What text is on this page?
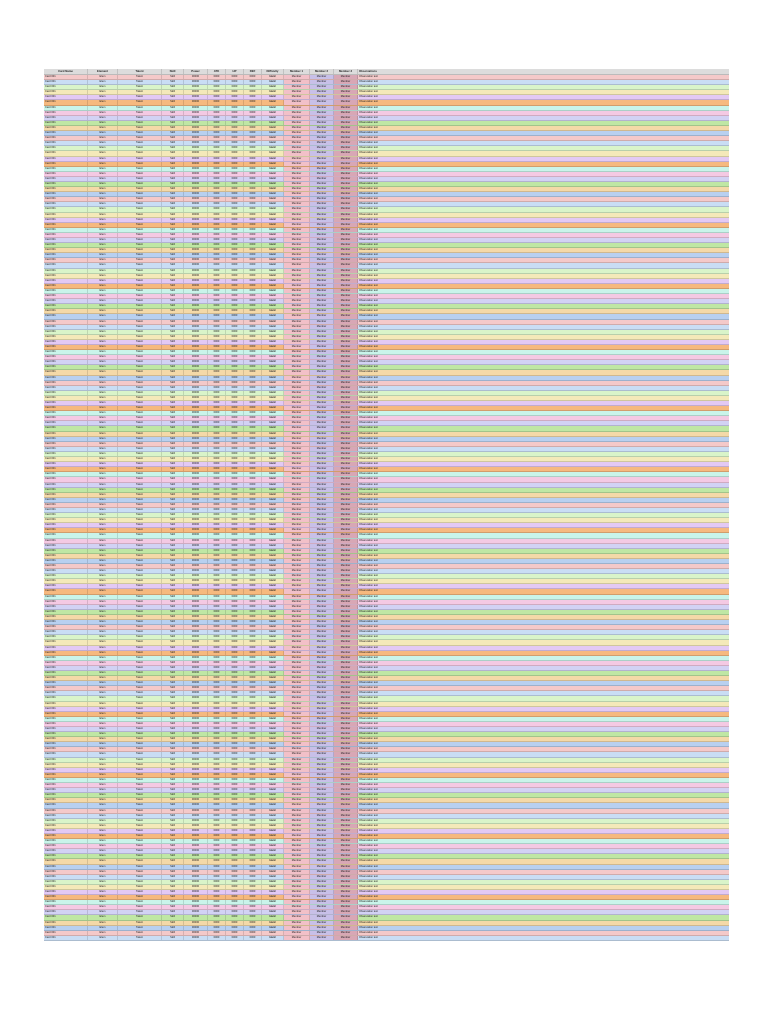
Card Name	Element	Talent	Skill	Power	ATK	HP	DEF	Difficulty	Member 1	Member 2	Member 3	Observations
Card 001	Elem	Talent	Skill	00000	0000	0000	0000	Hard	Member	Member	Member	Observation text
Card 001	Elem	Talent	Skill	00000	0000	0000	0000	Hard	Member	Member	Member	Observation text
Card 001	Elem	Talent	Skill	00000	0000	0000	0000	Hard	Member	Member	Member	Observation text
Card 001	Elem	Talent	Skill	00000	0000	0000	0000	Hard	Member	Member	Member	Observation text
Card 001	Elem	Talent	Skill	00000	0000	0000	0000	Hard	Member	Member	Member	Observation text
Card 001	Elem	Talent	Skill	00000	0000	0000	0000	Hard	Member	Member	Member	Observation text
Card 001	Elem	Talent	Skill	00000	0000	0000	0000	Hard	Member	Member	Member	Observation text
Card 001	Elem	Talent	Skill	00000	0000	0000	0000	Hard	Member	Member	Member	Observation text
Card 001	Elem	Talent	Skill	00000	0000	0000	0000	Hard	Member	Member	Member	Observation text
Card 001	Elem	Talent	Skill	00000	0000	0000	0000	Hard	Member	Member	Member	Observation text
Card 001	Elem	Talent	Skill	00000	0000	0000	0000	Hard	Member	Member	Member	Observation text
Card 001	Elem	Talent	Skill	00000	0000	0000	0000	Hard	Member	Member	Member	Observation text
Card 001	Elem	Talent	Skill	00000	0000	0000	0000	Hard	Member	Member	Member	Observation text
Card 001	Elem	Talent	Skill	00000	0000	0000	0000	Hard	Member	Member	Member	Observation text
Card 001	Elem	Talent	Skill	00000	0000	0000	0000	Hard	Member	Member	Member	Observation text
Card 001	Elem	Talent	Skill	00000	0000	0000	0000	Hard	Member	Member	Member	Observation text
Card 001	Elem	Talent	Skill	00000	0000	0000	0000	Hard	Member	Member	Member	Observation text
Card 001	Elem	Talent	Skill	00000	0000	0000	0000	Hard	Member	Member	Member	Observation text
Card 001	Elem	Talent	Skill	00000	0000	0000	0000	Hard	Member	Member	Member	Observation text
Card 001	Elem	Talent	Skill	00000	0000	0000	0000	Hard	Member	Member	Member	Observation text
Card 001	Elem	Talent	Skill	00000	0000	0000	0000	Hard	Member	Member	Member	Observation text
Card 001	Elem	Talent	Skill	00000	0000	0000	0000	Hard	Member	Member	Member	Observation text
Card 001	Elem	Talent	Skill	00000	0000	0000	0000	Hard	Member	Member	Member	Observation text
Card 001	Elem	Talent	Skill	00000	0000	0000	0000	Hard	Member	Member	Member	Observation text
Card 001	Elem	Talent	Skill	00000	0000	0000	0000	Hard	Member	Member	Member	Observation text
Card 001	Elem	Talent	Skill	00000	0000	0000	0000	Hard	Member	Member	Member	Observation text
Card 001	Elem	Talent	Skill	00000	0000	0000	0000	Hard	Member	Member	Member	Observation text
Card 001	Elem	Talent	Skill	00000	0000	0000	0000	Hard	Member	Member	Member	Observation text
Card 001	Elem	Talent	Skill	00000	0000	0000	0000	Hard	Member	Member	Member	Observation text
Card 001	Elem	Talent	Skill	00000	0000	0000	0000	Hard	Member	Member	Member	Observation text
Card 001	Elem	Talent	Skill	00000	0000	0000	0000	Hard	Member	Member	Member	Observation text
Card 001	Elem	Talent	Skill	00000	0000	0000	0000	Hard	Member	Member	Member	Observation text
Card 001	Elem	Talent	Skill	00000	0000	0000	0000	Hard	Member	Member	Member	Observation text
Card 001	Elem	Talent	Skill	00000	0000	0000	0000	Hard	Member	Member	Member	Observation text
Card 001	Elem	Talent	Skill	00000	0000	0000	0000	Hard	Member	Member	Member	Observation text
Card 001	Elem	Talent	Skill	00000	0000	0000	0000	Hard	Member	Member	Member	Observation text
Card 001	Elem	Talent	Skill	00000	0000	0000	0000	Hard	Member	Member	Member	Observation text
Card 001	Elem	Talent	Skill	00000	0000	0000	0000	Hard	Member	Member	Member	Observation text
Card 001	Elem	Talent	Skill	00000	0000	0000	0000	Hard	Member	Member	Member	Observation text
Card 001	Elem	Talent	Skill	00000	0000	0000	0000	Hard	Member	Member	Member	Observation text
Card 001	Elem	Talent	Skill	00000	0000	0000	0000	Hard	Member	Member	Member	Observation text
Card 001	Elem	Talent	Skill	00000	0000	0000	0000	Hard	Member	Member	Member	Observation text
Card 001	Elem	Talent	Skill	00000	0000	0000	0000	Hard	Member	Member	Member	Observation text
Card 001	Elem	Talent	Skill	00000	0000	0000	0000	Hard	Member	Member	Member	Observation text
Card 001	Elem	Talent	Skill	00000	0000	0000	0000	Hard	Member	Member	Member	Observation text
Card 001	Elem	Talent	Skill	00000	0000	0000	0000	Hard	Member	Member	Member	Observation text
Card 001	Elem	Talent	Skill	00000	0000	0000	0000	Hard	Member	Member	Member	Observation text
Card 001	Elem	Talent	Skill	00000	0000	0000	0000	Hard	Member	Member	Member	Observation text
Card 001	Elem	Talent	Skill	00000	0000	0000	0000	Hard	Member	Member	Member	Observation text
Card 001	Elem	Talent	Skill	00000	0000	0000	0000	Hard	Member	Member	Member	Observation text
Card 001	Elem	Talent	Skill	00000	0000	0000	0000	Hard	Member	Member	Member	Observation text
Card 001	Elem	Talent	Skill	00000	0000	0000	0000	Hard	Member	Member	Member	Observation text
Card 001	Elem	Talent	Skill	00000	0000	0000	0000	Hard	Member	Member	Member	Observation text
Card 001	Elem	Talent	Skill	00000	0000	0000	0000	Hard	Member	Member	Member	Observation text
Card 001	Elem	Talent	Skill	00000	0000	0000	0000	Hard	Member	Member	Member	Observation text
Card 001	Elem	Talent	Skill	00000	0000	0000	0000	Hard	Member	Member	Member	Observation text
Card 001	Elem	Talent	Skill	00000	0000	0000	0000	Hard	Member	Member	Member	Observation text
Card 001	Elem	Talent	Skill	00000	0000	0000	0000	Hard	Member	Member	Member	Observation text
Card 001	Elem	Talent	Skill	00000	0000	0000	0000	Hard	Member	Member	Member	Observation text
Card 001	Elem	Talent	Skill	00000	0000	0000	0000	Hard	Member	Member	Member	Observation text
Card 001	Elem	Talent	Skill	00000	0000	0000	0000	Hard	Member	Member	Member	Observation text
Card 001	Elem	Talent	Skill	00000	0000	0000	0000	Hard	Member	Member	Member	Observation text
Card 001	Elem	Talent	Skill	00000	0000	0000	0000	Hard	Member	Member	Member	Observation text
Card 001	Elem	Talent	Skill	00000	0000	0000	0000	Hard	Member	Member	Member	Observation text
Card 001	Elem	Talent	Skill	00000	0000	0000	0000	Hard	Member	Member	Member	Observation text
Card 001	Elem	Talent	Skill	00000	0000	0000	0000	Hard	Member	Member	Member	Observation text
Card 001	Elem	Talent	Skill	00000	0000	0000	0000	Hard	Member	Member	Member	Observation text
Card 001	Elem	Talent	Skill	00000	0000	0000	0000	Hard	Member	Member	Member	Observation text
Card 001	Elem	Talent	Skill	00000	0000	0000	0000	Hard	Member	Member	Member	Observation text
Card 001	Elem	Talent	Skill	00000	0000	0000	0000	Hard	Member	Member	Member	Observation text
Card 001	Elem	Talent	Skill	00000	0000	0000	0000	Hard	Member	Member	Member	Observation text
Card 001	Elem	Talent	Skill	00000	0000	0000	0000	Hard	Member	Member	Member	Observation text
Card 001	Elem	Talent	Skill	00000	0000	0000	0000	Hard	Member	Member	Member	Observation text
Card 001	Elem	Talent	Skill	00000	0000	0000	0000	Hard	Member	Member	Member	Observation text
Card 001	Elem	Talent	Skill	00000	0000	0000	0000	Hard	Member	Member	Member	Observation text
Card 001	Elem	Talent	Skill	00000	0000	0000	0000	Hard	Member	Member	Member	Observation text
Card 001	Elem	Talent	Skill	00000	0000	0000	0000	Hard	Member	Member	Member	Observation text
Card 001	Elem	Talent	Skill	00000	0000	0000	0000	Hard	Member	Member	Member	Observation text
Card 001	Elem	Talent	Skill	00000	0000	0000	0000	Hard	Member	Member	Member	Observation text
Card 001	Elem	Talent	Skill	00000	0000	0000	0000	Hard	Member	Member	Member	Observation text
Card 001	Elem	Talent	Skill	00000	0000	0000	0000	Hard	Member	Member	Member	Observation text
Card 001	Elem	Talent	Skill	00000	0000	0000	0000	Hard	Member	Member	Member	Observation text
Card 001	Elem	Talent	Skill	00000	0000	0000	0000	Hard	Member	Member	Member	Observation text
Card 001	Elem	Talent	Skill	00000	0000	0000	0000	Hard	Member	Member	Member	Observation text
Card 001	Elem	Talent	Skill	00000	0000	0000	0000	Hard	Member	Member	Member	Observation text
Card 001	Elem	Talent	Skill	00000	0000	0000	0000	Hard	Member	Member	Member	Observation text
Card 001	Elem	Talent	Skill	00000	0000	0000	0000	Hard	Member	Member	Member	Observation text
Card 001	Elem	Talent	Skill	00000	0000	0000	0000	Hard	Member	Member	Member	Observation text
Card 001	Elem	Talent	Skill	00000	0000	0000	0000	Hard	Member	Member	Member	Observation text
Card 001	Elem	Talent	Skill	00000	0000	0000	0000	Hard	Member	Member	Member	Observation text
Card 001	Elem	Talent	Skill	00000	0000	0000	0000	Hard	Member	Member	Member	Observation text
Card 001	Elem	Talent	Skill	00000	0000	0000	0000	Hard	Member	Member	Member	Observation text
Card 001	Elem	Talent	Skill	00000	0000	0000	0000	Hard	Member	Member	Member	Observation text
Card 001	Elem	Talent	Skill	00000	0000	0000	0000	Hard	Member	Member	Member	Observation text
Card 001	Elem	Talent	Skill	00000	0000	0000	0000	Hard	Member	Member	Member	Observation text
Card 001	Elem	Talent	Skill	00000	0000	0000	0000	Hard	Member	Member	Member	Observation text
Card 001	Elem	Talent	Skill	00000	0000	0000	0000	Hard	Member	Member	Member	Observation text
Card 001	Elem	Talent	Skill	00000	0000	0000	0000	Hard	Member	Member	Member	Observation text
Card 001	Elem	Talent	Skill	00000	0000	0000	0000	Hard	Member	Member	Member	Observation text
Card 001	Elem	Talent	Skill	00000	0000	0000	0000	Hard	Member	Member	Member	Observation text
Card 001	Elem	Talent	Skill	00000	0000	0000	0000	Hard	Member	Member	Member	Observation text
Card 001	Elem	Talent	Skill	00000	0000	0000	0000	Hard	Member	Member	Member	Observation text
Card 001	Elem	Talent	Skill	00000	0000	0000	0000	Hard	Member	Member	Member	Observation text
Card 001	Elem	Talent	Skill	00000	0000	0000	0000	Hard	Member	Member	Member	Observation text
Card 001	Elem	Talent	Skill	00000	0000	0000	0000	Hard	Member	Member	Member	Observation text
Card 001	Elem	Talent	Skill	00000	0000	0000	0000	Hard	Member	Member	Member	Observation text
Card 001	Elem	Talent	Skill	00000	0000	0000	0000	Hard	Member	Member	Member	Observation text
Card 001	Elem	Talent	Skill	00000	0000	0000	0000	Hard	Member	Member	Member	Observation text
Card 001	Elem	Talent	Skill	00000	0000	0000	0000	Hard	Member	Member	Member	Observation text
Card 001	Elem	Talent	Skill	00000	0000	0000	0000	Hard	Member	Member	Member	Observation text
Card 001	Elem	Talent	Skill	00000	0000	0000	0000	Hard	Member	Member	Member	Observation text
Card 001	Elem	Talent	Skill	00000	0000	0000	0000	Hard	Member	Member	Member	Observation text
Card 001	Elem	Talent	Skill	00000	0000	0000	0000	Hard	Member	Member	Member	Observation text
Card 001	Elem	Talent	Skill	00000	0000	0000	0000	Hard	Member	Member	Member	Observation text
Card 001	Elem	Talent	Skill	00000	0000	0000	0000	Hard	Member	Member	Member	Observation text
Card 001	Elem	Talent	Skill	00000	0000	0000	0000	Hard	Member	Member	Member	Observation text
Card 001	Elem	Talent	Skill	00000	0000	0000	0000	Hard	Member	Member	Member	Observation text
Card 001	Elem	Talent	Skill	00000	0000	0000	0000	Hard	Member	Member	Member	Observation text
Card 001	Elem	Talent	Skill	00000	0000	0000	0000	Hard	Member	Member	Member	Observation text
Card 001	Elem	Talent	Skill	00000	0000	0000	0000	Hard	Member	Member	Member	Observation text
Card 001	Elem	Talent	Skill	00000	0000	0000	0000	Hard	Member	Member	Member	Observation text
Card 001	Elem	Talent	Skill	00000	0000	0000	0000	Hard	Member	Member	Member	Observation text
Card 001	Elem	Talent	Skill	00000	0000	0000	0000	Hard	Member	Member	Member	Observation text
Card 001	Elem	Talent	Skill	00000	0000	0000	0000	Hard	Member	Member	Member	Observation text
Card 001	Elem	Talent	Skill	00000	0000	0000	0000	Hard	Member	Member	Member	Observation text
Card 001	Elem	Talent	Skill	00000	0000	0000	0000	Hard	Member	Member	Member	Observation text
Card 001	Elem	Talent	Skill	00000	0000	0000	0000	Hard	Member	Member	Member	Observation text
Card 001	Elem	Talent	Skill	00000	0000	0000	0000	Hard	Member	Member	Member	Observation text
Card 001	Elem	Talent	Skill	00000	0000	0000	0000	Hard	Member	Member	Member	Observation text
Card 001	Elem	Talent	Skill	00000	0000	0000	0000	Hard	Member	Member	Member	Observation text
Card 001	Elem	Talent	Skill	00000	0000	0000	0000	Hard	Member	Member	Member	Observation text
Card 001	Elem	Talent	Skill	00000	0000	0000	0000	Hard	Member	Member	Member	Observation text
Card 001	Elem	Talent	Skill	00000	0000	0000	0000	Hard	Member	Member	Member	Observation text
Card 001	Elem	Talent	Skill	00000	0000	0000	0000	Hard	Member	Member	Member	Observation text
Card 001	Elem	Talent	Skill	00000	0000	0000	0000	Hard	Member	Member	Member	Observation text
Card 001	Elem	Talent	Skill	00000	0000	0000	0000	Hard	Member	Member	Member	Observation text
Card 001	Elem	Talent	Skill	00000	0000	0000	0000	Hard	Member	Member	Member	Observation text
Card 001	Elem	Talent	Skill	00000	0000	0000	0000	Hard	Member	Member	Member	Observation text
Card 001	Elem	Talent	Skill	00000	0000	0000	0000	Hard	Member	Member	Member	Observation text
Card 001	Elem	Talent	Skill	00000	0000	0000	0000	Hard	Member	Member	Member	Observation text
Card 001	Elem	Talent	Skill	00000	0000	0000	0000	Hard	Member	Member	Member	Observation text
Card 001	Elem	Talent	Skill	00000	0000	0000	0000	Hard	Member	Member	Member	Observation text
Card 001	Elem	Talent	Skill	00000	0000	0000	0000	Hard	Member	Member	Member	Observation text
Card 001	Elem	Talent	Skill	00000	0000	0000	0000	Hard	Member	Member	Member	Observation text
Card 001	Elem	Talent	Skill	00000	0000	0000	0000	Hard	Member	Member	Member	Observation text
Card 001	Elem	Talent	Skill	00000	0000	0000	0000	Hard	Member	Member	Member	Observation text
Card 001	Elem	Talent	Skill	00000	0000	0000	0000	Hard	Member	Member	Member	Observation text
Card 001	Elem	Talent	Skill	00000	0000	0000	0000	Hard	Member	Member	Member	Observation text
Card 001	Elem	Talent	Skill	00000	0000	0000	0000	Hard	Member	Member	Member	Observation text
Card 001	Elem	Talent	Skill	00000	0000	0000	0000	Hard	Member	Member	Member	Observation text
Card 001	Elem	Talent	Skill	00000	0000	0000	0000	Hard	Member	Member	Member	Observation text
Card 001	Elem	Talent	Skill	00000	0000	0000	0000	Hard	Member	Member	Member	Observation text
Card 001	Elem	Talent	Skill	00000	0000	0000	0000	Hard	Member	Member	Member	Observation text
Card 001	Elem	Talent	Skill	00000	0000	0000	0000	Hard	Member	Member	Member	Observation text
Card 001	Elem	Talent	Skill	00000	0000	0000	0000	Hard	Member	Member	Member	Observation text
Card 001	Elem	Talent	Skill	00000	0000	0000	0000	Hard	Member	Member	Member	Observation text
Card 001	Elem	Talent	Skill	00000	0000	0000	0000	Hard	Member	Member	Member	Observation text
Card 001	Elem	Talent	Skill	00000	0000	0000	0000	Hard	Member	Member	Member	Observation text
Card 001	Elem	Talent	Skill	00000	0000	0000	0000	Hard	Member	Member	Member	Observation text
Card 001	Elem	Talent	Skill	00000	0000	0000	0000	Hard	Member	Member	Member	Observation text
Card 001	Elem	Talent	Skill	00000	0000	0000	0000	Hard	Member	Member	Member	Observation text
Card 001	Elem	Talent	Skill	00000	0000	0000	0000	Hard	Member	Member	Member	Observation text
Card 001	Elem	Talent	Skill	00000	0000	0000	0000	Hard	Member	Member	Member	Observation text
Card 001	Elem	Talent	Skill	00000	0000	0000	0000	Hard	Member	Member	Member	Observation text
Card 001	Elem	Talent	Skill	00000	0000	0000	0000	Hard	Member	Member	Member	Observation text
Card 001	Elem	Talent	Skill	00000	0000	0000	0000	Hard	Member	Member	Member	Observation text
Card 001	Elem	Talent	Skill	00000	0000	0000	0000	Hard	Member	Member	Member	Observation text
Card 001	Elem	Talent	Skill	00000	0000	0000	0000	Hard	Member	Member	Member	Observation text
Card 001	Elem	Talent	Skill	00000	0000	0000	0000	Hard	Member	Member	Member	Observation text
Card 001	Elem	Talent	Skill	00000	0000	0000	0000	Hard	Member	Member	Member	Observation text
